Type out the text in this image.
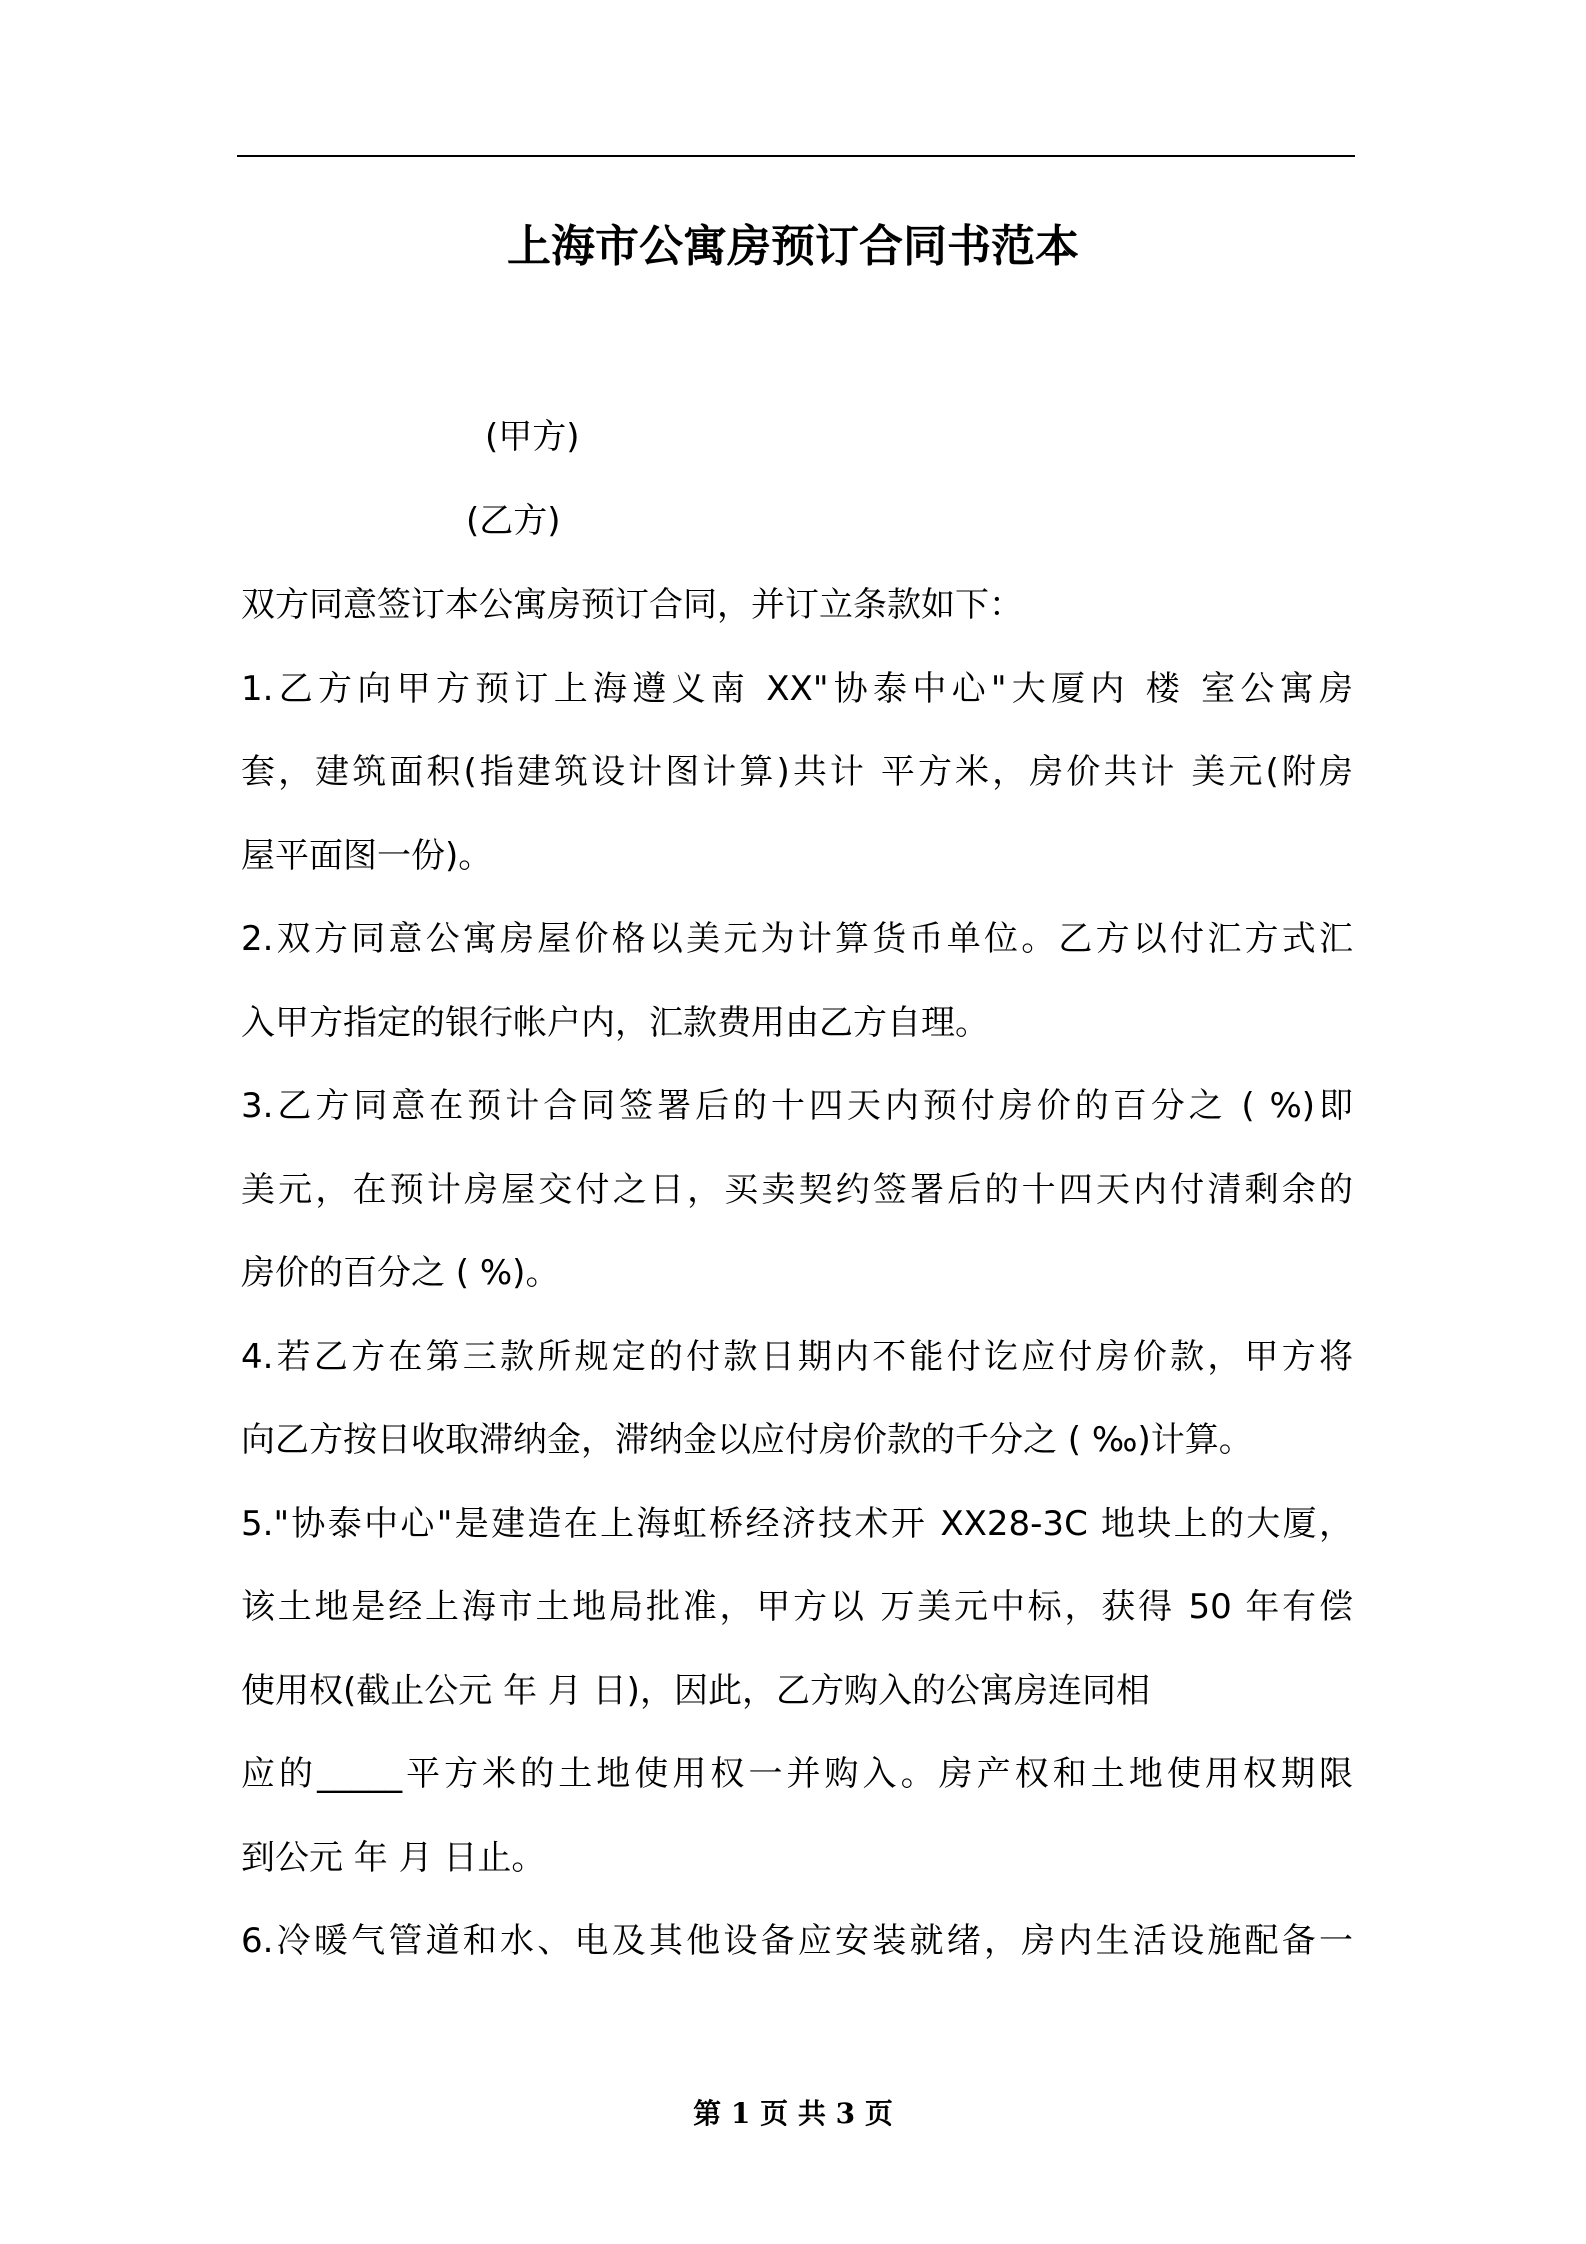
上海市公寓房预订合同书范本
(甲方)
(乙方)
双方同意签订本公寓房预订合同，并订立条款如下：
1.乙方向甲方预订上海遵义南 XX"协泰中心"大厦内 楼 室公寓房
套，建筑面积(指建筑设计图计算)共计 平方米，房价共计 美元(附房
屋平面图一份)。
2.双方同意公寓房屋价格以美元为计算货币单位。乙方以付汇方式汇
入甲方指定的银行帐户内，汇款费用由乙方自理。
3.乙方同意在预计合同签署后的十四天内预付房价的百分之 ( %)即
美元，在预计房屋交付之日，买卖契约签署后的十四天内付清剩余的
房价的百分之 ( %)。
4.若乙方在第三款所规定的付款日期内不能付讫应付房价款，甲方将
向乙方按日收取滞纳金，滞纳金以应付房价款的千分之 ( ‰)计算。
5."协泰中心"是建造在上海虹桥经济技术开 XX28-3C 地块上的大厦，
该土地是经上海市土地局批准，甲方以 万美元中标，获得 50 年有偿
使用权(截止公元 年 月 日)，因此，乙方购入的公寓房连同相
应的_____平方米的土地使用权一并购入。房产权和土地使用权期限
到公元 年 月 日止。
6.冷暖气管道和水、电及其他设备应安装就绪，房内生活设施配备一
第 1 页 共 3 页
